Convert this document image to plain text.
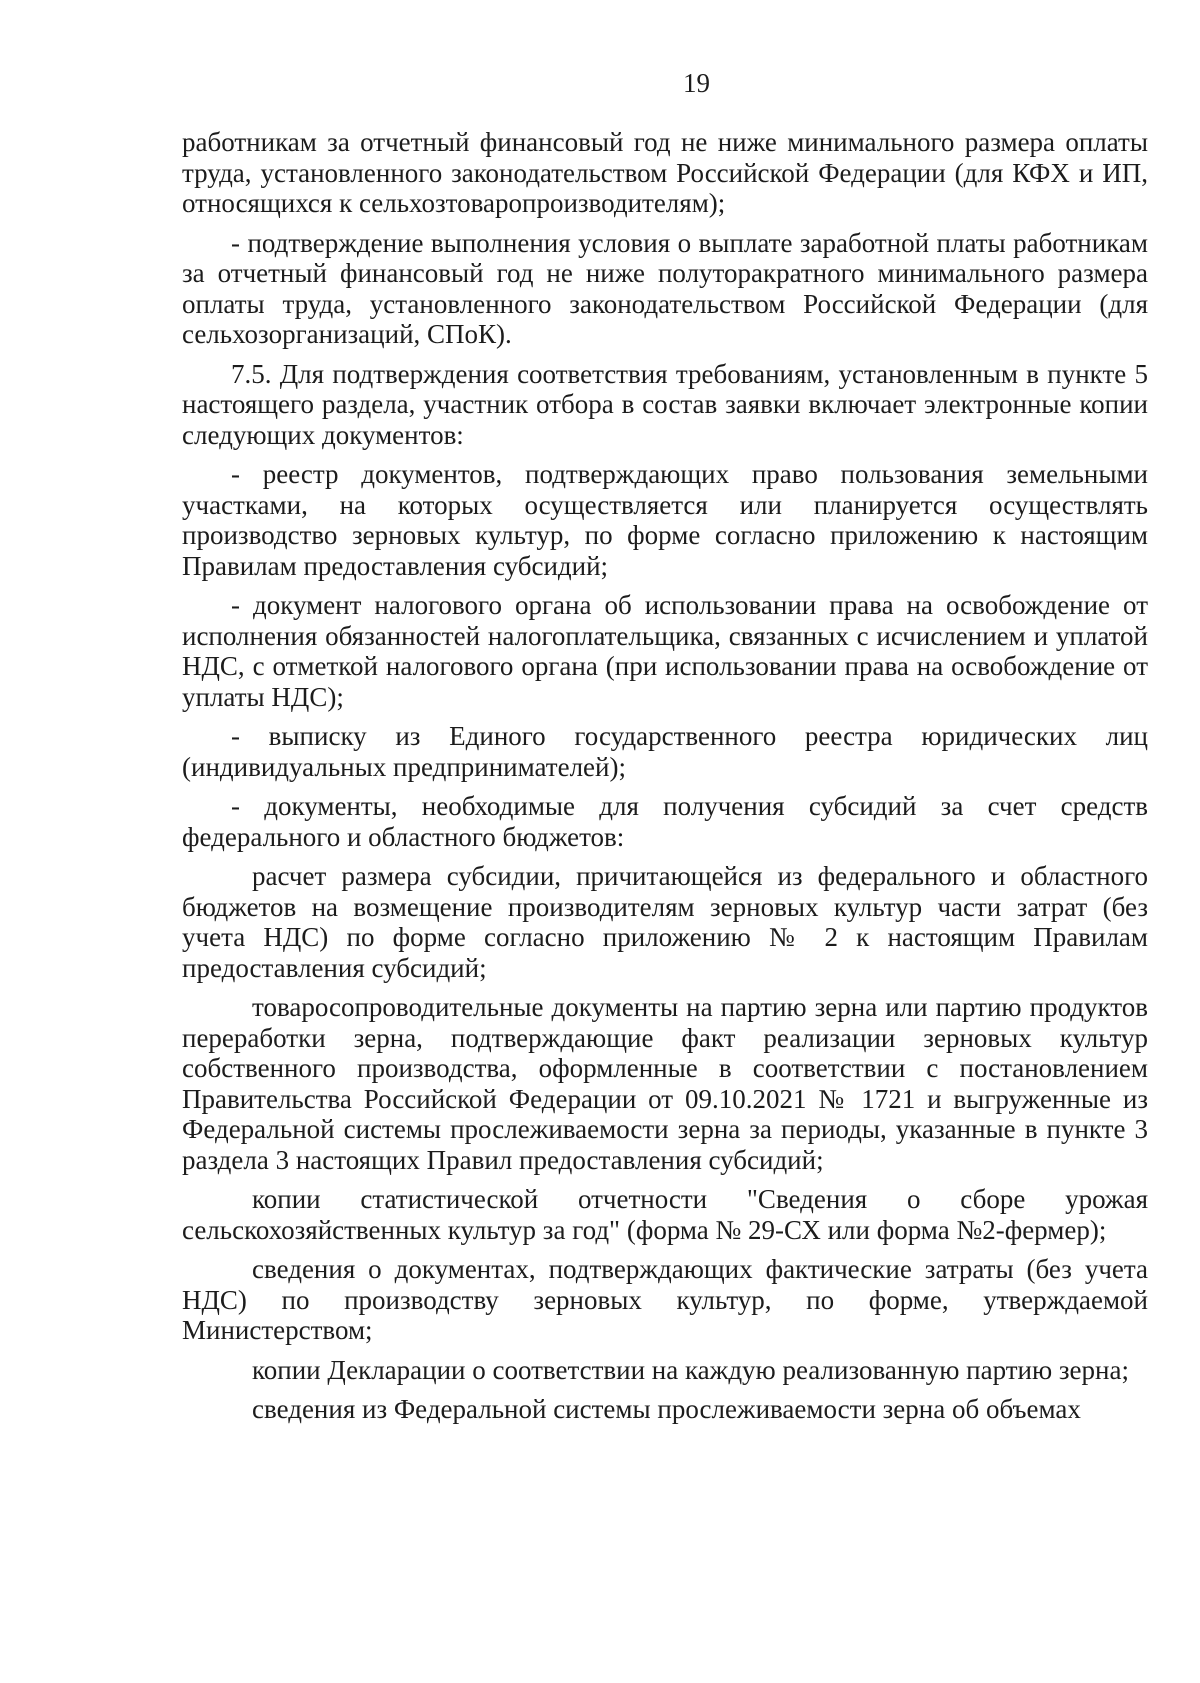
19

работникам за отчетный финансовый год не ниже минимального размера оплаты труда, установленного законодательством Российской Федерации (для КФХ и ИП, относящихся к сельхозтоваропроизводителям);

- подтверждение выполнения условия о выплате заработной платы работникам за отчетный финансовый год не ниже полуторакратного минимального размера оплаты труда, установленного законодательством Российской Федерации (для сельхозорганизаций, СПоК).

7.5. Для подтверждения соответствия требованиям, установленным в пункте 5 настоящего раздела, участник отбора в состав заявки включает электронные копии следующих документов:

- реестр документов, подтверждающих право пользования земельными участками, на которых осуществляется или планируется осуществлять производство зерновых культур, по форме согласно приложению к настоящим Правилам предоставления субсидий;

- документ налогового органа об использовании права на освобождение от исполнения обязанностей налогоплательщика, связанных с исчислением и уплатой НДС, с отметкой налогового органа (при использовании права на освобождение от уплаты НДС);

- выписку из Единого государственного реестра юридических лиц (индивидуальных предпринимателей);

- документы, необходимые для получения субсидий за счет средств федерального и областного бюджетов:

расчет размера субсидии, причитающейся из федерального и областного бюджетов на возмещение производителям зерновых культур части затрат (без учета НДС) по форме согласно приложению № 2 к настоящим Правилам предоставления субсидий;

товаросопроводительные документы на партию зерна или партию продуктов переработки зерна, подтверждающие факт реализации зерновых культур собственного производства, оформленные в соответствии с постановлением Правительства Российской Федерации от 09.10.2021 № 1721 и выгруженные из Федеральной системы прослеживаемости зерна за периоды, указанные в пункте 3 раздела 3 настоящих Правил предоставления субсидий;

копии статистической отчетности "Сведения о сборе урожая сельскохозяйственных культур за год" (форма № 29-СХ или форма №2-фермер);

сведения о документах, подтверждающих фактические затраты (без учета НДС) по производству зерновых культур, по форме, утверждаемой Министерством;

копии Декларации о соответствии на каждую реализованную партию зерна;

сведения из Федеральной системы прослеживаемости зерна об объемах
